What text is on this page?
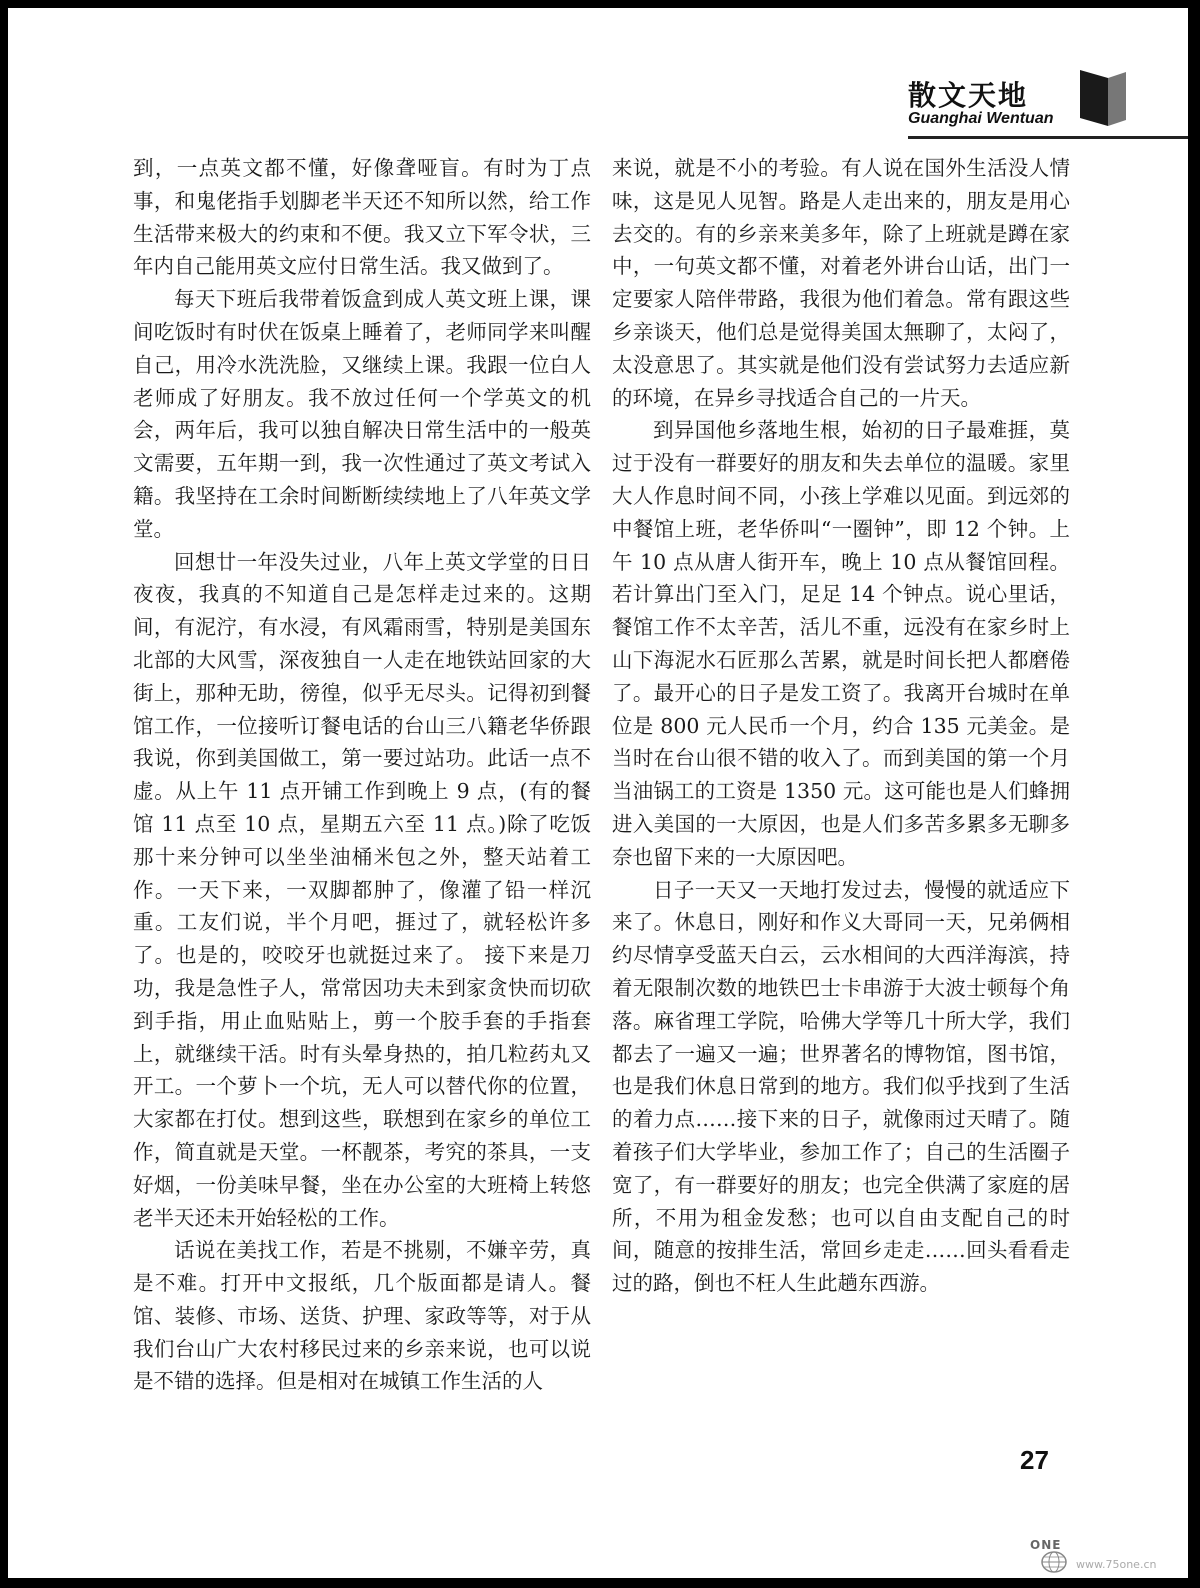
散文天地
Guanghai Wentuan

到，一点英文都不懂，好像聋哑盲。有时为丁点事，和鬼佬指手划脚老半天还不知所以然，给工作生活带来极大的约束和不便。我又立下军令状，三年内自己能用英文应付日常生活。我又做到了。

每天下班后我带着饭盒到成人英文班上课，课间吃饭时有时伏在饭桌上睡着了，老师同学来叫醒自己，用冷水洗洗脸，又继续上课。我跟一位白人老师成了好朋友。我不放过任何一个学英文的机会，两年后，我可以独自解决日常生活中的一般英文需要，五年期一到，我一次性通过了英文考试入籍。我坚持在工余时间断断续续地上了八年英文学堂。

回想廿一年没失过业，八年上英文学堂的日日夜夜，我真的不知道自己是怎样走过来的。这期间，有泥泞，有水浸，有风霜雨雪，特别是美国东北部的大风雪，深夜独自一人走在地铁站回家的大街上，那种无助，徬徨，似乎无尽头。记得初到餐馆工作，一位接听订餐电话的台山三八籍老华侨跟我说，你到美国做工，第一要过站功。此话一点不虚。从上午 11 点开铺工作到晚上 9 点，(有的餐馆 11 点至 10 点，星期五六至 11 点。)除了吃饭那十来分钟可以坐坐油桶米包之外，整天站着工作。一天下来，一双脚都肿了，像灌了铅一样沉重。工友们说，半个月吧，捱过了，就轻松许多了。也是的，咬咬牙也就挺过来了。 接下来是刀功，我是急性子人，常常因功夫未到家贪快而切砍到手指，用止血贴贴上，剪一个胶手套的手指套上，就继续干活。时有头晕身热的，拍几粒药丸又开工。一个萝卜一个坑，无人可以替代你的位置，大家都在打仗。想到这些，联想到在家乡的单位工作，简直就是天堂。一杯靓茶，考究的茶具，一支好烟，一份美味早餐，坐在办公室的大班椅上转悠老半天还未开始轻松的工作。

话说在美找工作，若是不挑剔，不嫌辛劳，真是不难。打开中文报纸，几个版面都是请人。餐馆、装修、市场、送货、护理、家政等等，对于从我们台山广大农村移民过来的乡亲来说，也可以说是不错的选择。但是相对在城镇工作生活的人

来说，就是不小的考验。有人说在国外生活没人情味，这是见人见智。路是人走出来的，朋友是用心去交的。有的乡亲来美多年，除了上班就是蹲在家中，一句英文都不懂，对着老外讲台山话，出门一定要家人陪伴带路，我很为他们着急。常有跟这些乡亲谈天，他们总是觉得美国太無聊了，太闷了，太没意思了。其实就是他们没有尝试努力去适应新的环境，在异乡寻找适合自己的一片天。

到异国他乡落地生根，始初的日子最难捱，莫过于没有一群要好的朋友和失去单位的温暖。家里大人作息时间不同，小孩上学难以见面。到远郊的中餐馆上班，老华侨叫“一圈钟”，即 12 个钟。上午 10 点从唐人街开车，晚上 10 点从餐馆回程。若计算出门至入门，足足 14 个钟点。说心里话，餐馆工作不太辛苦，活儿不重，远没有在家乡时上山下海泥水石匠那么苦累，就是时间长把人都磨倦了。最开心的日子是发工资了。我离开台城时在单位是 800 元人民币一个月，约合 135 元美金。是当时在台山很不错的收入了。而到美国的第一个月当油锅工的工资是 1350 元。这可能也是人们蜂拥进入美国的一大原因，也是人们多苦多累多无聊多奈也留下来的一大原因吧。

日子一天又一天地打发过去，慢慢的就适应下来了。休息日，刚好和作义大哥同一天，兄弟俩相约尽情享受蓝天白云，云水相间的大西洋海滨，持着无限制次数的地铁巴士卡串游于大波士顿每个角落。麻省理工学院，哈佛大学等几十所大学，我们都去了一遍又一遍；世界著名的博物馆，图书馆，也是我们休息日常到的地方。我们似乎找到了生活的着力点……接下来的日子，就像雨过天晴了。随着孩子们大学毕业，参加工作了；自己的生活圈子宽了，有一群要好的朋友；也完全供满了家庭的居所，不用为租金发愁；也可以自由支配自己的时间，随意的按排生活，常回乡走走……回头看看走过的路，倒也不枉人生此趟东西游。

27
ONE
www.75one.cn
